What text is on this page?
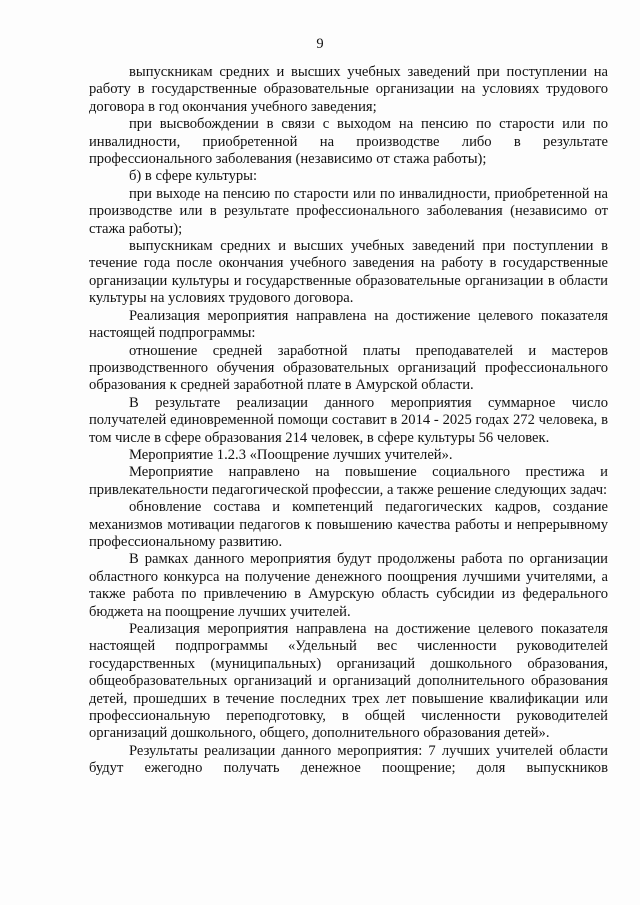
9

выпускникам средних и высших учебных заведений при поступлении на работу в государственные образовательные организации на условиях трудового договора в год окончания учебного заведения;

при высвобождении в связи с выходом на пенсию по старости или по инвалидности, приобретенной на производстве либо в результате профессионального заболевания (независимо от стажа работы);

б) в сфере культуры:

при выходе на пенсию по старости или по инвалидности, приобретенной на производстве или в результате профессионального заболевания (независимо от стажа работы);

выпускникам средних и высших учебных заведений при поступлении в течение года после окончания учебного заведения на работу в государственные организации культуры и государственные образовательные организации в области культуры на условиях трудового договора.

Реализация мероприятия направлена на достижение целевого показателя настоящей подпрограммы:

отношение средней заработной платы преподавателей и мастеров производственного обучения образовательных организаций профессионального образования к средней заработной плате в Амурской области.

В результате реализации данного мероприятия суммарное число получателей единовременной помощи составит в 2014 - 2025 годах 272 человека, в том числе в сфере образования 214 человек, в сфере культуры 56 человек.

Мероприятие 1.2.3 «Поощрение лучших учителей».

Мероприятие направлено на повышение социального престижа и привлекательности педагогической профессии, а также решение следующих задач:

обновление состава и компетенций педагогических кадров, создание механизмов мотивации педагогов к повышению качества работы и непрерывному профессиональному развитию.

В рамках данного мероприятия будут продолжены работа по организации областного конкурса на получение денежного поощрения лучшими учителями, а также работа по привлечению в Амурскую область субсидии из федерального бюджета на поощрение лучших учителей.

Реализация мероприятия направлена на достижение целевого показателя настоящей подпрограммы «Удельный вес численности руководителей государственных (муниципальных) организаций дошкольного образования, общеобразовательных организаций и организаций дополнительного образования детей, прошедших в течение последних трех лет повышение квалификации или профессиональную переподготовку, в общей численности руководителей организаций дошкольного, общего, дополнительного образования детей».

Результаты реализации данного мероприятия: 7 лучших учителей области будут ежегодно получать денежное поощрение; доля выпускников
